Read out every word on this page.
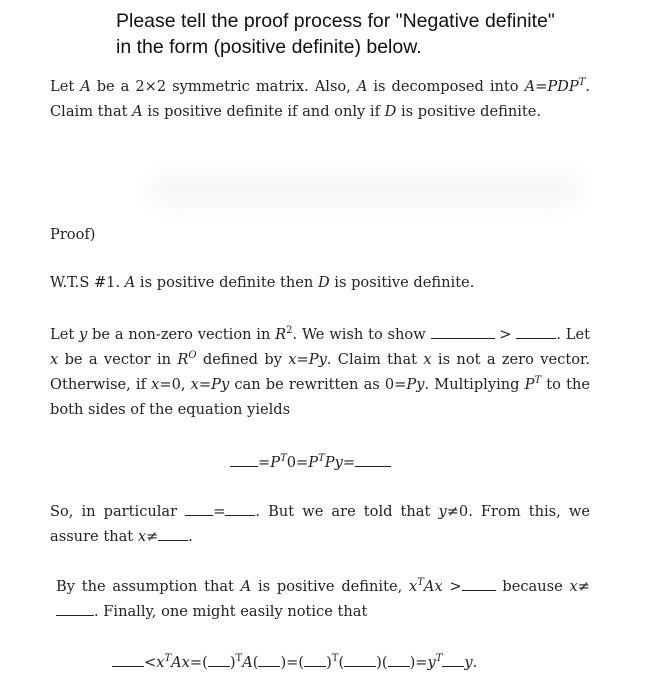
Please tell the proof process for "Negative definite"
in the form (positive definite) below.
Let A be a 2×2 symmetric matrix. Also, A is decomposed into $A=PDP^T$. Claim that A is positive definite if and only if D is positive definite.
Proof)
W.T.S #1. A is positive definite then D is positive definite.
Let y be a non-zero vection in $R^2$. We wish to show	>	. Let x be a vector in $R^O$ defined by x=Py. Claim that x is not a zero vector. Otherwise, if x=0, x=Py can be rewritten as 0=Py. Multiplying $P^T$ to the both sides of the equation yields
$=P^T0=P^TPy=$
So, in particular = . But we are told that y≠0. From this, we assure that x≠ .
By the assumption that A is positive definite, $x^TAx$ > because x≠ . Finally, one might easily notice that
$<x^TAx=$( )$^T$A( )=( )$^T$( )( )$=y^T$ y.
